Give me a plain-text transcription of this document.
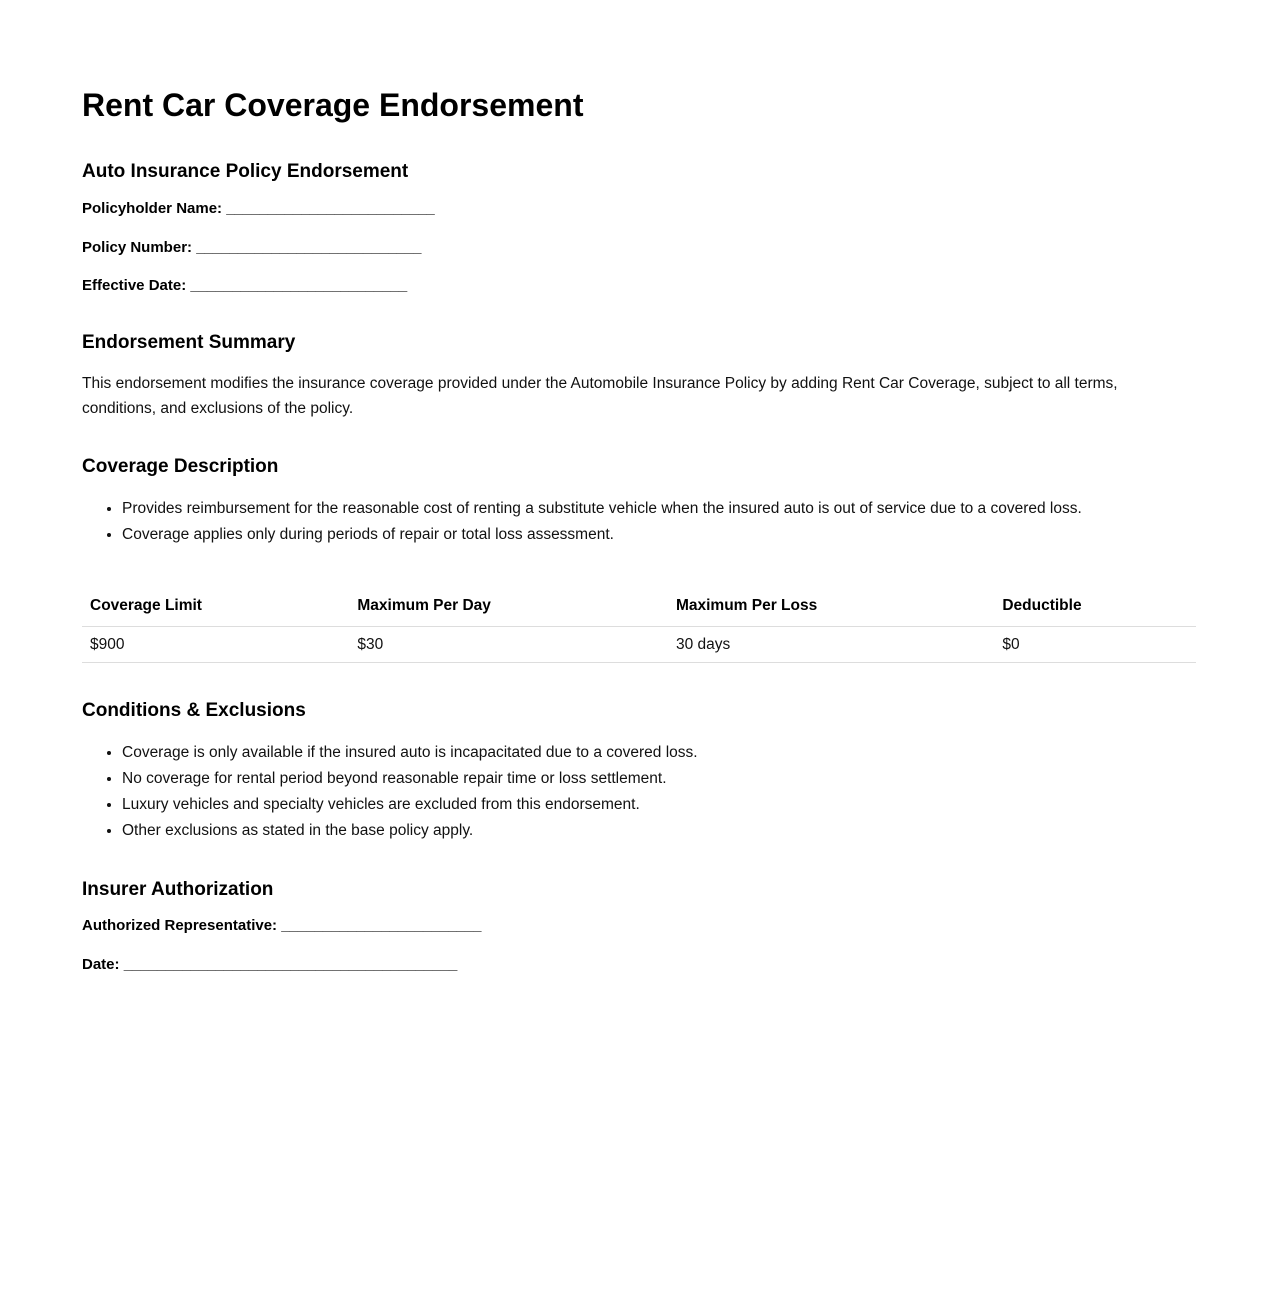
Rent Car Coverage Endorsement
Auto Insurance Policy Endorsement
Policyholder Name: _________________________
Policy Number: ___________________________
Effective Date: __________________________
Endorsement Summary

This endorsement modifies the insurance coverage provided under the Automobile Insurance Policy by adding Rent Car Coverage, subject to all terms, conditions, and exclusions of the policy.

Coverage Description
• Provides reimbursement for the reasonable cost of renting a substitute vehicle when the insured auto is out of service due to a covered loss.
• Coverage applies only during periods of repair or total loss assessment.
Coverage Limit	Maximum Per Day	Maximum Per Loss	Deductible
$900	$30	30 days	$0
Conditions & Exclusions
• Coverage is only available if the insured auto is incapacitated due to a covered loss.
• No coverage for rental period beyond reasonable repair time or loss settlement.
• Luxury vehicles and specialty vehicles are excluded from this endorsement.
• Other exclusions as stated in the base policy apply.
Insurer Authorization
Authorized Representative: ________________________
Date: ________________________________________
